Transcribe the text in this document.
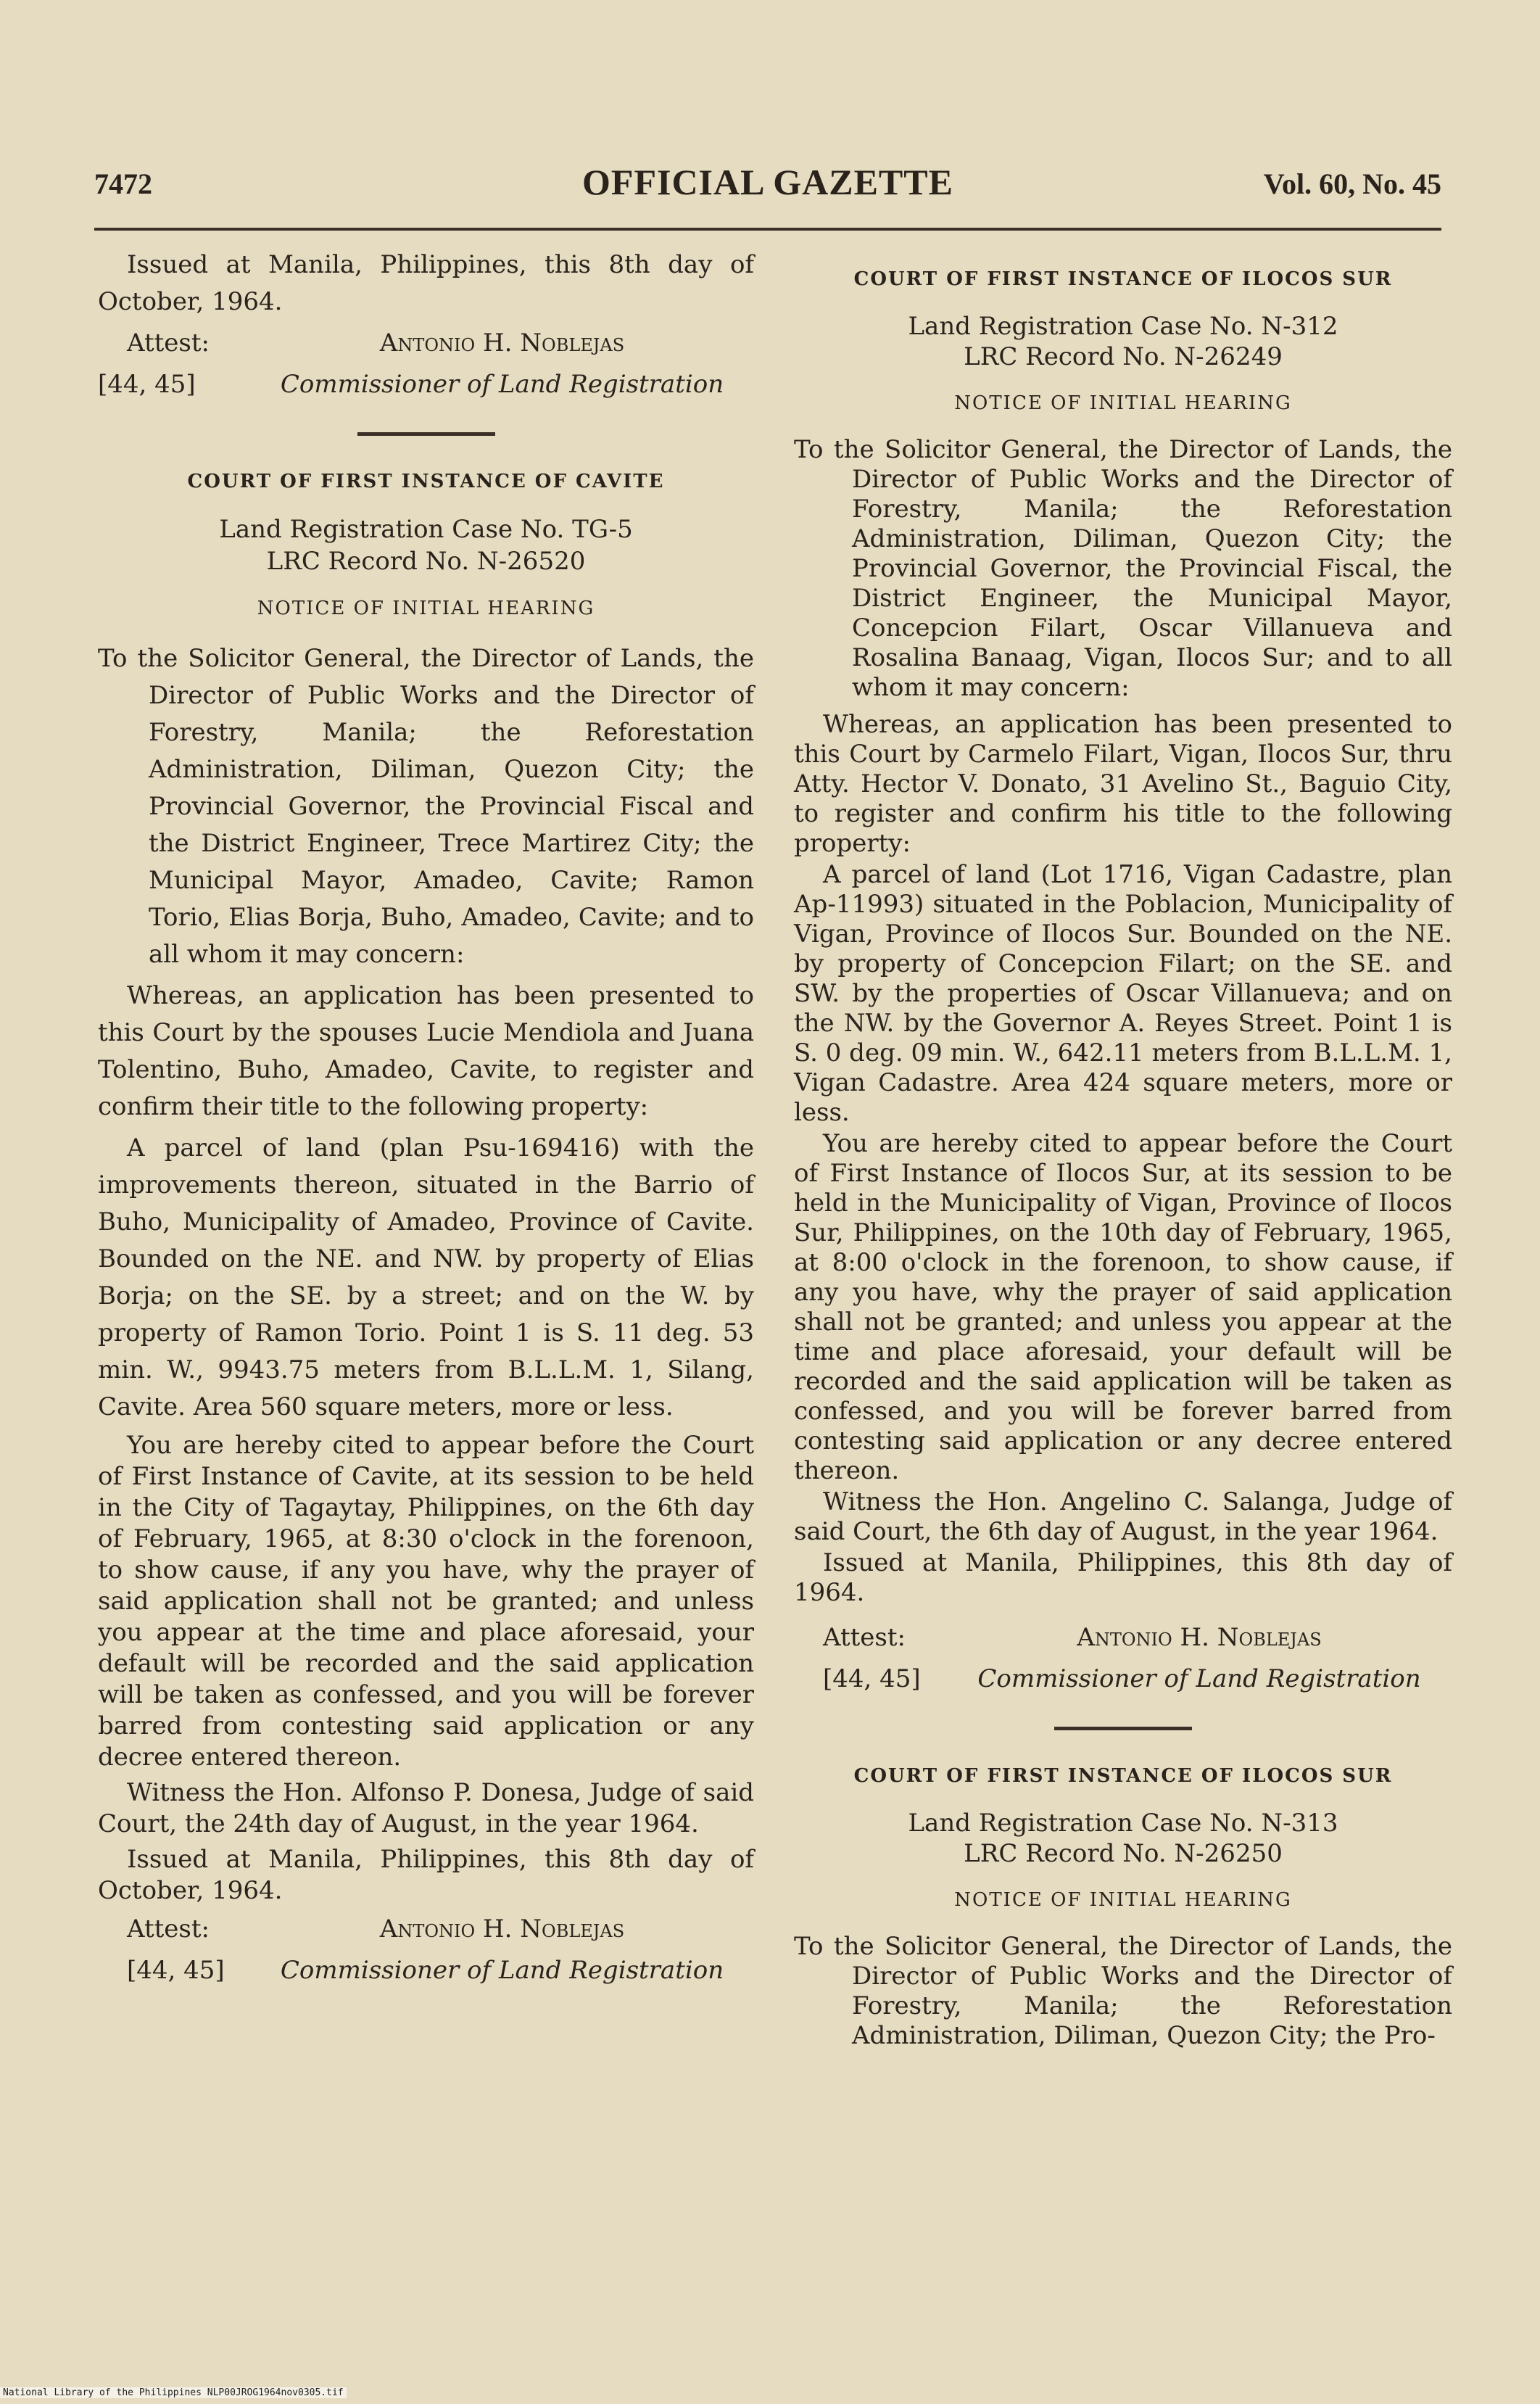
7472	OFFICIAL GAZETTE	Vol. 60, No. 45

Issued at Manila, Philippines, this 8th day of October, 1964.

Attest:	Antonio H. Noblejas
[44, 45]	Commissioner of Land Registration

COURT OF FIRST INSTANCE OF CAVITE

Land Registration Case No. TG-5

LRC Record No. N-26520

NOTICE OF INITIAL HEARING

To the Solicitor General, the Director of Lands, the Director of Public Works and the Director of Forestry, Manila; the Reforestation Administration, Diliman, Quezon City; the Provincial Governor, the Provincial Fiscal and the District Engineer, Trece Martirez City; the Municipal Mayor, Amadeo, Cavite; Ramon Torio, Elias Borja, Buho, Amadeo, Cavite; and to all whom it may concern:

Whereas, an application has been presented to this Court by the spouses Lucie Mendiola and Juana Tolentino, Buho, Amadeo, Cavite, to register and confirm their title to the following property:

A parcel of land (plan Psu-169416) with the improvements thereon, situated in the Barrio of Buho, Municipality of Amadeo, Province of Cavite. Bounded on the NE. and NW. by property of Elias Borja; on the SE. by a street; and on the W. by property of Ramon Torio. Point 1 is S. 11 deg. 53 min. W., 9943.75 meters from B.L.L.M. 1, Silang, Cavite. Area 560 square meters, more or less.

You are hereby cited to appear before the Court of First Instance of Cavite, at its session to be held in the City of Tagaytay, Philippines, on the 6th day of February, 1965, at 8:30 o'clock in the forenoon, to show cause, if any you have, why the prayer of said application shall not be granted; and unless you appear at the time and place aforesaid, your default will be recorded and the said application will be taken as confessed, and you will be forever barred from contesting said application or any decree entered thereon.

Witness the Hon. Alfonso P. Donesa, Judge of said Court, the 24th day of August, in the year 1964.

Issued at Manila, Philippines, this 8th day of October, 1964.

Attest:	Antonio H. Noblejas
[44, 45]	Commissioner of Land Registration

COURT OF FIRST INSTANCE OF ILOCOS SUR

Land Registration Case No. N-312

LRC Record No. N-26249

NOTICE OF INITIAL HEARING

To the Solicitor General, the Director of Lands, the Director of Public Works and the Director of Forestry, Manila; the Reforestation Administration, Diliman, Quezon City; the Provincial Governor, the Provincial Fiscal, the District Engineer, the Municipal Mayor, Concepcion Filart, Oscar Villanueva and Rosalina Banaag, Vigan, Ilocos Sur; and to all whom it may concern:

Whereas, an application has been presented to this Court by Carmelo Filart, Vigan, Ilocos Sur, thru Atty. Hector V. Donato, 31 Avelino St., Baguio City, to register and confirm his title to the following property:

A parcel of land (Lot 1716, Vigan Cadastre, plan Ap-11993) situated in the Poblacion, Municipality of Vigan, Province of Ilocos Sur. Bounded on the NE. by property of Concepcion Filart; on the SE. and SW. by the properties of Oscar Villanueva; and on the NW. by the Governor A. Reyes Street. Point 1 is S. 0 deg. 09 min. W., 642.11 meters from B.L.L.M. 1, Vigan Cadastre. Area 424 square meters, more or less.

You are hereby cited to appear before the Court of First Instance of Ilocos Sur, at its session to be held in the Municipality of Vigan, Province of Ilocos Sur, Philippines, on the 10th day of February, 1965, at 8:00 o'clock in the forenoon, to show cause, if any you have, why the prayer of said application shall not be granted; and unless you appear at the time and place aforesaid, your default will be recorded and the said application will be taken as confessed, and you will be forever barred from contesting said application or any decree entered thereon.

Witness the Hon. Angelino C. Salanga, Judge of said Court, the 6th day of August, in the year 1964.

Issued at Manila, Philippines, this 8th day of 1964.

Attest:	Antonio H. Noblejas
[44, 45]	Commissioner of Land Registration

COURT OF FIRST INSTANCE OF ILOCOS SUR

Land Registration Case No. N-313

LRC Record No. N-26250

NOTICE OF INITIAL HEARING

To the Solicitor General, the Director of Lands, the Director of Public Works and the Director of Forestry, Manila; the Reforestation Administration, Diliman, Quezon City; the Pro-

National Library of the Philippines NLP00JROG1964nov0305.tif
